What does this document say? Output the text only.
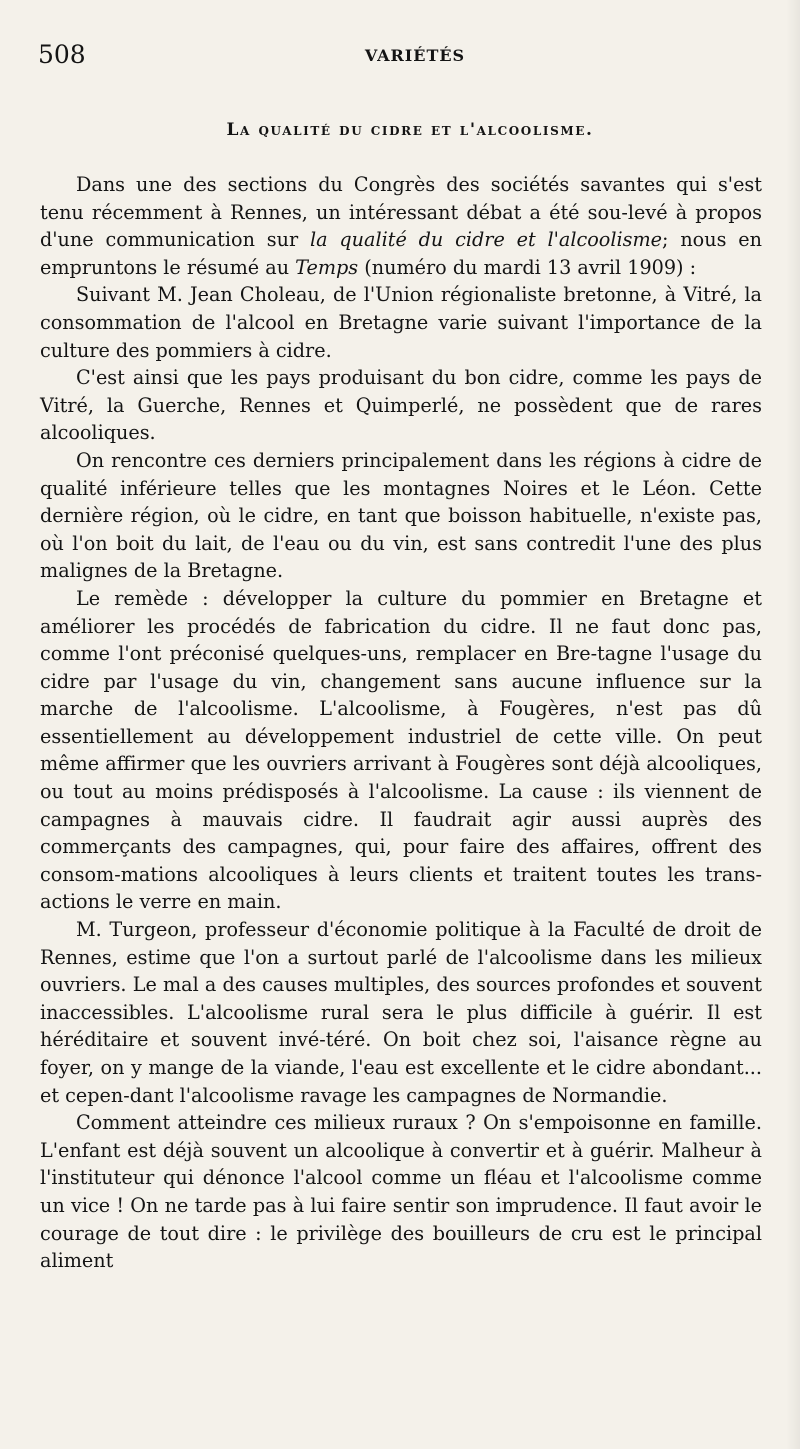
508	VARIÉTÉS
La qualité du cidre et l'alcoolisme.

Dans une des sections du Congrès des sociétés savantes qui s'est tenu récemment à Rennes, un intéressant débat a été sou-levé à propos d'une communication sur la qualité du cidre et l'alcoolisme; nous en empruntons le résumé au Temps (numéro du mardi 13 avril 1909) :

Suivant M. Jean Choleau, de l'Union régionaliste bretonne, à Vitré, la consommation de l'alcool en Bretagne varie suivant l'importance de la culture des pommiers à cidre.

C'est ainsi que les pays produisant du bon cidre, comme les pays de Vitré, la Guerche, Rennes et Quimperlé, ne possèdent que de rares alcooliques.

On rencontre ces derniers principalement dans les régions à cidre de qualité inférieure telles que les montagnes Noires et le Léon. Cette dernière région, où le cidre, en tant que boisson habituelle, n'existe pas, où l'on boit du lait, de l'eau ou du vin, est sans contredit l'une des plus malignes de la Bretagne.

Le remède : développer la culture du pommier en Bretagne et améliorer les procédés de fabrication du cidre. Il ne faut donc pas, comme l'ont préconisé quelques-uns, remplacer en Bre-tagne l'usage du cidre par l'usage du vin, changement sans aucune influence sur la marche de l'alcoolisme. L'alcoolisme, à Fougères, n'est pas dû essentiellement au développement industriel de cette ville. On peut même affirmer que les ouvriers arrivant à Fougères sont déjà alcooliques, ou tout au moins prédisposés à l'alcoolisme. La cause : ils viennent de campagnes à mauvais cidre. Il faudrait agir aussi auprès des commerçants des campagnes, qui, pour faire des affaires, offrent des consom-mations alcooliques à leurs clients et traitent toutes les trans-actions le verre en main.

M. Turgeon, professeur d'économie politique à la Faculté de droit de Rennes, estime que l'on a surtout parlé de l'alcoolisme dans les milieux ouvriers. Le mal a des causes multiples, des sources profondes et souvent inaccessibles. L'alcoolisme rural sera le plus difficile à guérir. Il est héréditaire et souvent invé-téré. On boit chez soi, l'aisance règne au foyer, on y mange de la viande, l'eau est excellente et le cidre abondant... et cepen-dant l'alcoolisme ravage les campagnes de Normandie.

Comment atteindre ces milieux ruraux ? On s'empoisonne en famille. L'enfant est déjà souvent un alcoolique à convertir et à guérir. Malheur à l'instituteur qui dénonce l'alcool comme un fléau et l'alcoolisme comme un vice ! On ne tarde pas à lui faire sentir son imprudence. Il faut avoir le courage de tout dire : le privilège des bouilleurs de cru est le principal aliment
